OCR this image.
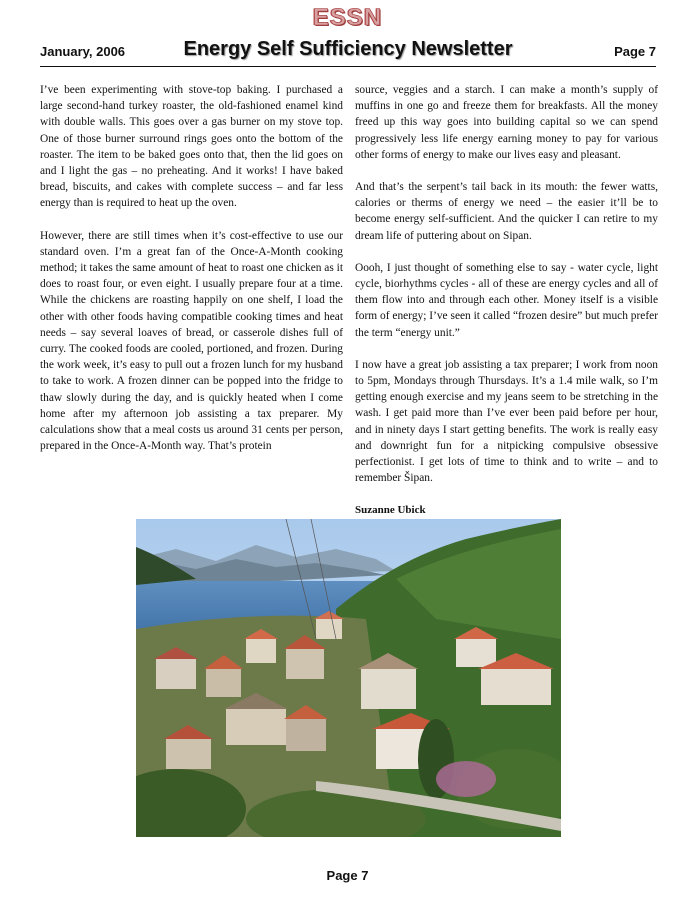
ESSN
January, 2006	Energy Self Sufficiency Newsletter	Page 7

I’ve been experimenting with stove-top baking. I purchased a large second-hand turkey roaster, the old-fashioned enamel kind with double walls. This goes over a gas burner on my stove top. One of those burner surround rings goes onto the bottom of the roaster. The item to be baked goes onto that, then the lid goes on and I light the gas – no preheating. And it works! I have baked bread, biscuits, and cakes with complete success – and far less energy than is required to heat up the oven.

However, there are still times when it’s cost-effective to use our standard oven. I’m a great fan of the Once-A-Month cooking method; it takes the same amount of heat to roast one chicken as it does to roast four, or even eight. I usually prepare four at a time. While the chickens are roasting happily on one shelf, I load the other with other foods having compatible cooking times and heat needs – say several loaves of bread, or casserole dishes full of curry. The cooked foods are cooled, portioned, and frozen. During the work week, it’s easy to pull out a frozen lunch for my husband to take to work. A frozen dinner can be popped into the fridge to thaw slowly during the day, and is quickly heated when I come home after my afternoon job assisting a tax preparer. My calculations show that a meal costs us around 31 cents per person, prepared in the Once-A-Month way. That’s protein

source, veggies and a starch. I can make a month’s supply of muffins in one go and freeze them for breakfasts. All the money freed up this way goes into building capital so we can spend progressively less life energy earning money to pay for various other forms of energy to make our lives easy and pleasant.

And that’s the serpent’s tail back in its mouth: the fewer watts, calories or therms of energy we need – the easier it’ll be to become energy self-sufficient. And the quicker I can retire to my dream life of puttering about on Sipan.

Oooh, I just thought of something else to say - water cycle, light cycle, biorhythms cycles - all of these are energy cycles and all of them flow into and through each other. Money itself is a visible form of energy; I’ve seen it called “frozen desire” but much prefer the term “energy unit.”

I now have a great job assisting a tax preparer; I work from noon to 5pm, Mondays through Thursdays. It’s a 1.4 mile walk, so I’m getting enough exercise and my jeans seem to be stretching in the wash. I get paid more than I’ve ever been paid before per hour, and in ninety days I start getting benefits. The work is really easy and downright fun for a nitpicking compulsive obsessive perfectionist. I get lots of time to think and to write – and to remember Šipan.

Suzanne Ubick
Page 7
